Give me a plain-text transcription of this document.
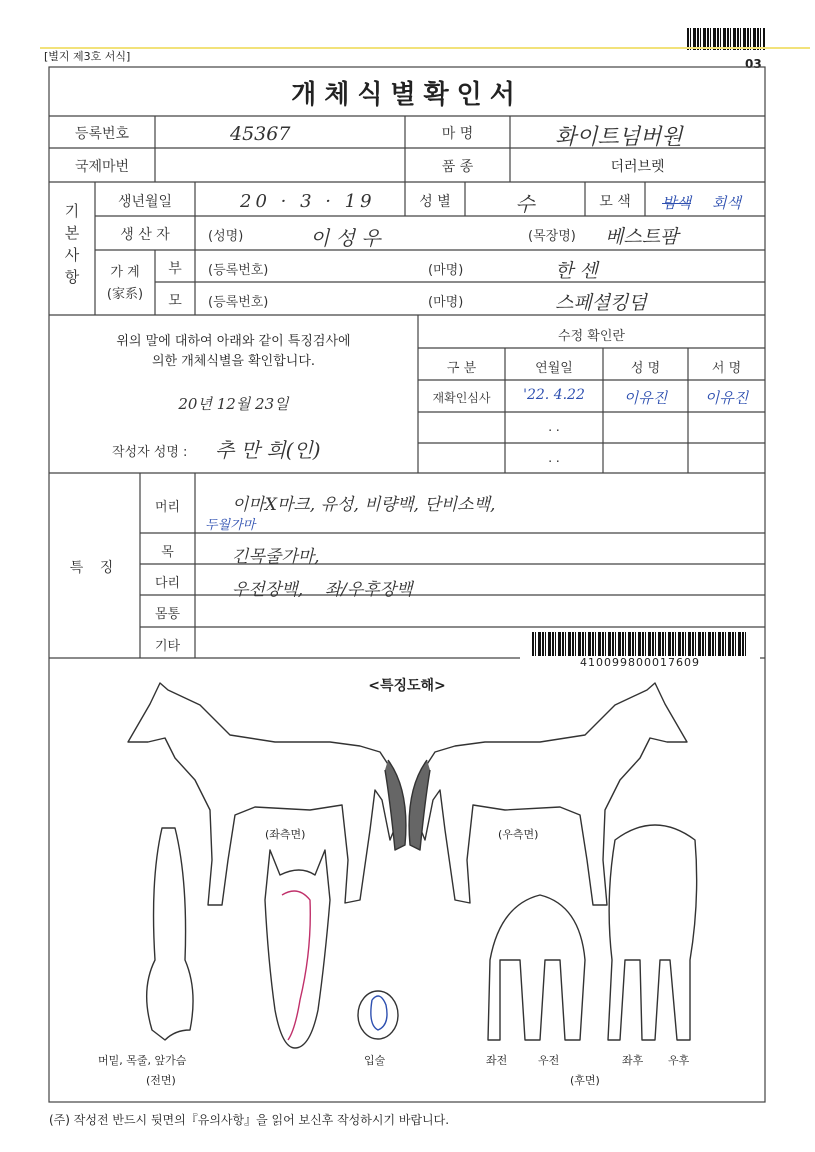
[별지 제3호 서식]
03
개체식별확인서
등록번호	45367	마 명	화이트넘버원
국제마번	품 종	더러브렛
기 본 사 항
생년월일	20 · 3 · 19	성 별	수	모 색	밤색 회색
생 산 자	(성명)	이 성 우	(목장명) 베스트팜
가 계 (家系)
부	(등록번호)	(마명)	한 센
모	(등록번호)	(마명)	스페셜킹덤
위의 말에 대하여 아래와 같이 특징검사에
의한 개체식별을 확인합니다.
20년 12월 23일
작성자 성명 : 추 만 희(인)
수정 확인란
구 분	연월일	성 명	서 명
재확인심사	'22. 4.22	이유진	이유진
. .
. .
특 징
머리	이마X마크, 유성, 비량백, 단비소백,
두월가마
목	긴목줄가마,
다리	우전장백,    좌/우후장백
몸통
기타
410099800017609
<특징도해>
(좌측면)	(우측면)
머밑, 목줄, 앞가슴
(전면)
입술	좌전	우전	좌후 우후
(후면)
(주) 작성전 반드시 뒷면의『유의사항』을 읽어 보신후 작성하시기 바랍니다.
